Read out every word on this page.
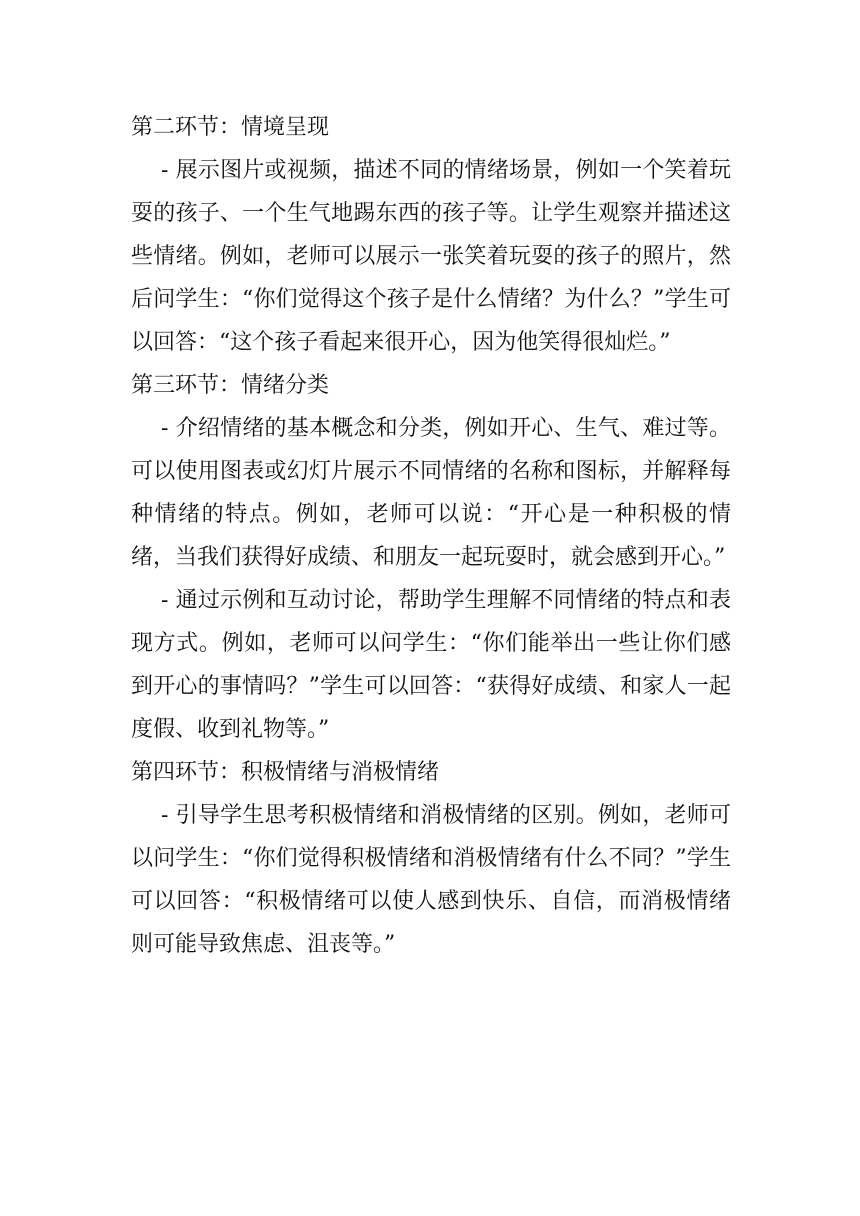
第二环节：情境呈现

- 展示图片或视频，描述不同的情绪场景，例如一个笑着玩耍的孩子、一个生气地踢东西的孩子等。让学生观察并描述这些情绪。例如，老师可以展示一张笑着玩耍的孩子的照片，然后问学生：“你们觉得这个孩子是什么情绪？为什么？”学生可以回答：“这个孩子看起来很开心，因为他笑得很灿烂。”

第三环节：情绪分类

- 介绍情绪的基本概念和分类，例如开心、生气、难过等。可以使用图表或幻灯片展示不同情绪的名称和图标，并解释每种情绪的特点。例如，老师可以说：“开心是一种积极的情绪，当我们获得好成绩、和朋友一起玩耍时，就会感到开心。”

- 通过示例和互动讨论，帮助学生理解不同情绪的特点和表现方式。例如，老师可以问学生：“你们能举出一些让你们感到开心的事情吗？”学生可以回答：“获得好成绩、和家人一起度假、收到礼物等。”

第四环节：积极情绪与消极情绪

- 引导学生思考积极情绪和消极情绪的区别。例如，老师可以问学生：“你们觉得积极情绪和消极情绪有什么不同？”学生可以回答：“积极情绪可以使人感到快乐、自信，而消极情绪则可能导致焦虑、沮丧等。”
